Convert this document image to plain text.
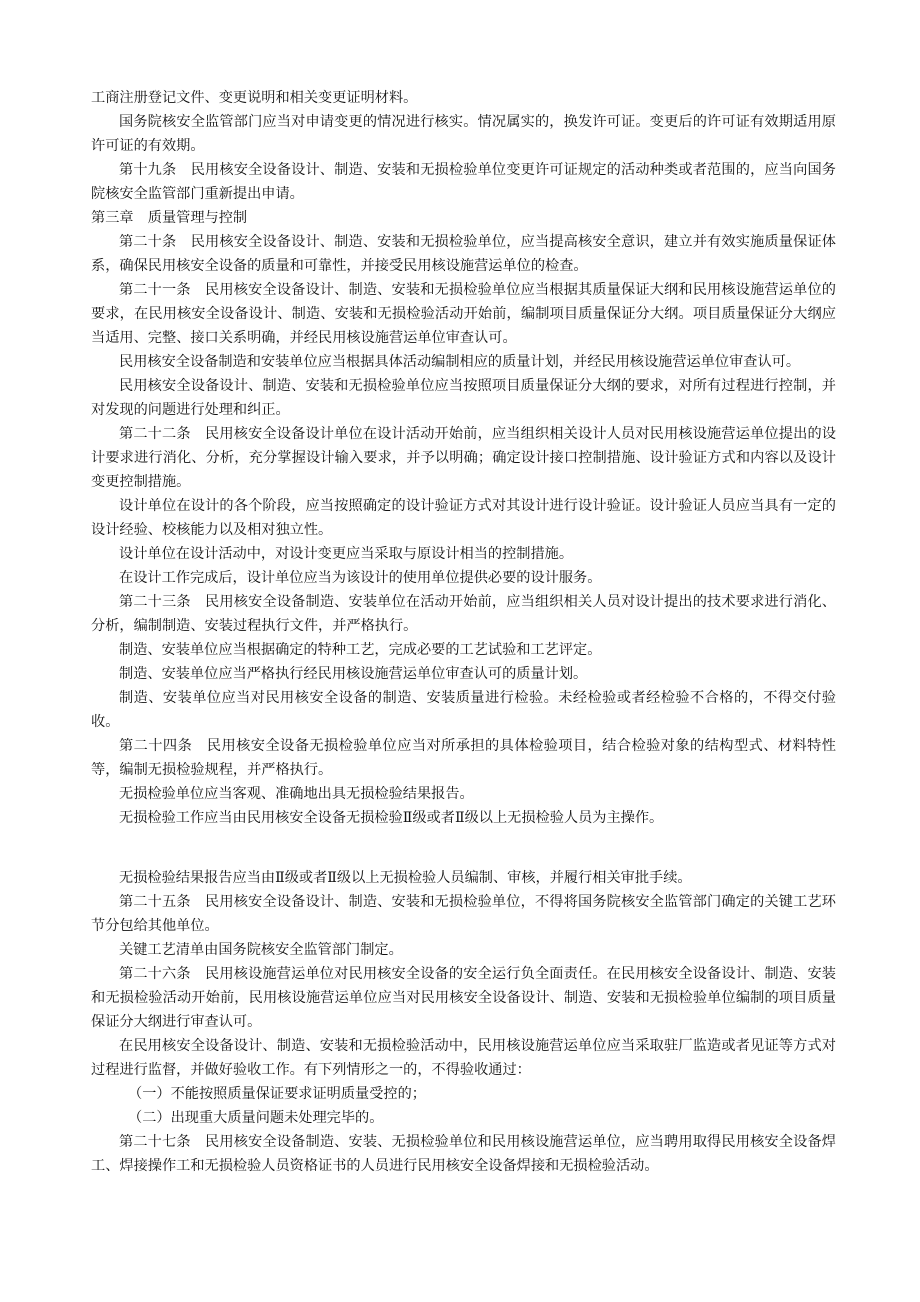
工商注册登记文件、变更说明和相关变更证明材料。

国务院核安全监管部门应当对申请变更的情况进行核实。情况属实的，换发许可证。变更后的许可证有效期适用原许可证的有效期。

第十九条　民用核安全设备设计、制造、安装和无损检验单位变更许可证规定的活动种类或者范围的，应当向国务院核安全监管部门重新提出申请。

第三章　质量管理与控制

第二十条　民用核安全设备设计、制造、安装和无损检验单位，应当提高核安全意识，建立并有效实施质量保证体系，确保民用核安全设备的质量和可靠性，并接受民用核设施营运单位的检查。

第二十一条　民用核安全设备设计、制造、安装和无损检验单位应当根据其质量保证大纲和民用核设施营运单位的要求，在民用核安全设备设计、制造、安装和无损检验活动开始前，编制项目质量保证分大纲。项目质量保证分大纲应当适用、完整、接口关系明确，并经民用核设施营运单位审查认可。

民用核安全设备制造和安装单位应当根据具体活动编制相应的质量计划，并经民用核设施营运单位审查认可。

民用核安全设备设计、制造、安装和无损检验单位应当按照项目质量保证分大纲的要求，对所有过程进行控制，并对发现的问题进行处理和纠正。

第二十二条　民用核安全设备设计单位在设计活动开始前，应当组织相关设计人员对民用核设施营运单位提出的设计要求进行消化、分析，充分掌握设计输入要求，并予以明确；确定设计接口控制措施、设计验证方式和内容以及设计变更控制措施。

设计单位在设计的各个阶段，应当按照确定的设计验证方式对其设计进行设计验证。设计验证人员应当具有一定的设计经验、校核能力以及相对独立性。

设计单位在设计活动中，对设计变更应当采取与原设计相当的控制措施。

在设计工作完成后，设计单位应当为该设计的使用单位提供必要的设计服务。

第二十三条　民用核安全设备制造、安装单位在活动开始前，应当组织相关人员对设计提出的技术要求进行消化、分析，编制制造、安装过程执行文件，并严格执行。

制造、安装单位应当根据确定的特种工艺，完成必要的工艺试验和工艺评定。

制造、安装单位应当严格执行经民用核设施营运单位审查认可的质量计划。

制造、安装单位应当对民用核安全设备的制造、安装质量进行检验。未经检验或者经检验不合格的，不得交付验收。

第二十四条　民用核安全设备无损检验单位应当对所承担的具体检验项目，结合检验对象的结构型式、材料特性等，编制无损检验规程，并严格执行。

无损检验单位应当客观、准确地出具无损检验结果报告。

无损检验工作应当由民用核安全设备无损检验Ⅱ级或者Ⅱ级以上无损检验人员为主操作。

无损检验结果报告应当由Ⅱ级或者Ⅱ级以上无损检验人员编制、审核，并履行相关审批手续。

第二十五条　民用核安全设备设计、制造、安装和无损检验单位，不得将国务院核安全监管部门确定的关键工艺环节分包给其他单位。

关键工艺清单由国务院核安全监管部门制定。

第二十六条　民用核设施营运单位对民用核安全设备的安全运行负全面责任。在民用核安全设备设计、制造、安装和无损检验活动开始前，民用核设施营运单位应当对民用核安全设备设计、制造、安装和无损检验单位编制的项目质量保证分大纲进行审查认可。

在民用核安全设备设计、制造、安装和无损检验活动中，民用核设施营运单位应当采取驻厂监造或者见证等方式对过程进行监督，并做好验收工作。有下列情形之一的，不得验收通过：

（一）不能按照质量保证要求证明质量受控的；

（二）出现重大质量问题未处理完毕的。

第二十七条　民用核安全设备制造、安装、无损检验单位和民用核设施营运单位，应当聘用取得民用核安全设备焊工、焊接操作工和无损检验人员资格证书的人员进行民用核安全设备焊接和无损检验活动。
